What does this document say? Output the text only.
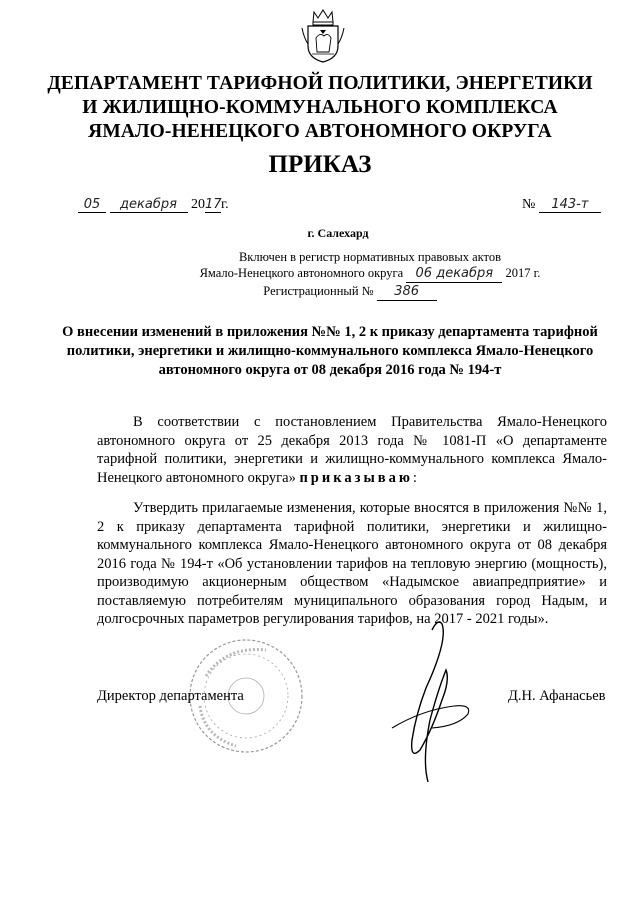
ДЕПАРТАМЕНТ ТАРИФНОЙ ПОЛИТИКИ, ЭНЕРГЕТИКИ
И ЖИЛИЩНО-КОММУНАЛЬНОГО КОМПЛЕКСА
ЯМАЛО-НЕНЕЦКОГО АВТОНОМНОГО ОКРУГА
ПРИКАЗ
05 декабря 2017г.	№ 143-т
г. Салехард
Включен в регистр нормативных правовых актов
Ямало-Ненецкого автономного округа 06 декабря 2017 г.
Регистрационный № 386
О внесении изменений в приложения №№ 1, 2 к приказу департамента тарифной политики, энергетики и жилищно-коммунального комплекса Ямало-Ненецкого автономного округа от 08 декабря 2016 года № 194-т
В соответствии с постановлением Правительства Ямало-Ненецкого автономного округа от 25 декабря 2013 года № 1081-П «О департаменте тарифной политики, энергетики и жилищно-коммунального комплекса Ямало-Ненецкого автономного округа» приказываю:
Утвердить прилагаемые изменения, которые вносятся в приложения №№ 1, 2 к приказу департамента тарифной политики, энергетики и жилищно-коммунального комплекса Ямало-Ненецкого автономного округа от 08 декабря 2016 года № 194-т «Об установлении тарифов на тепловую энергию (мощность), производимую акционерным обществом «Надымское авиапредприятие» и поставляемую потребителям муниципального образования город Надым, и долгосрочных параметров регулирования тарифов, на 2017 - 2021 годы».
Директор департамента	Д.Н. Афанасьев
